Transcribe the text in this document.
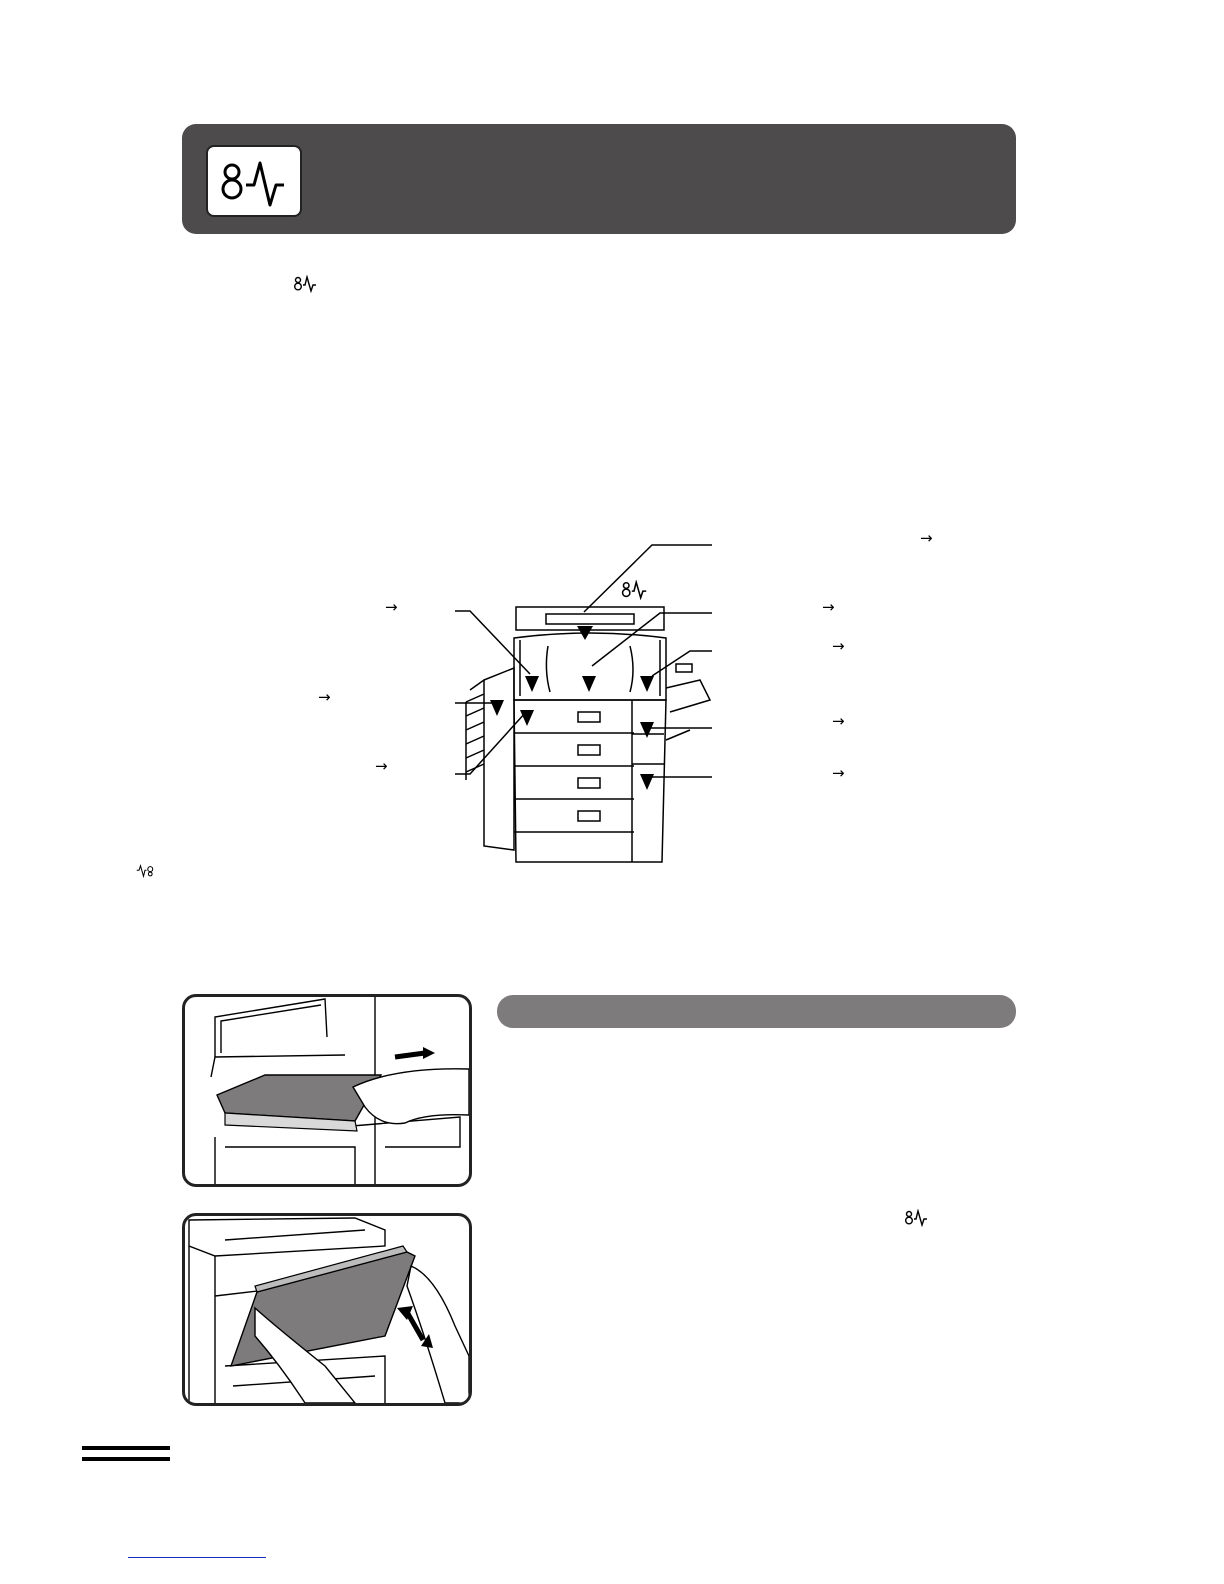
→
→
→
→
→
→
→
→
